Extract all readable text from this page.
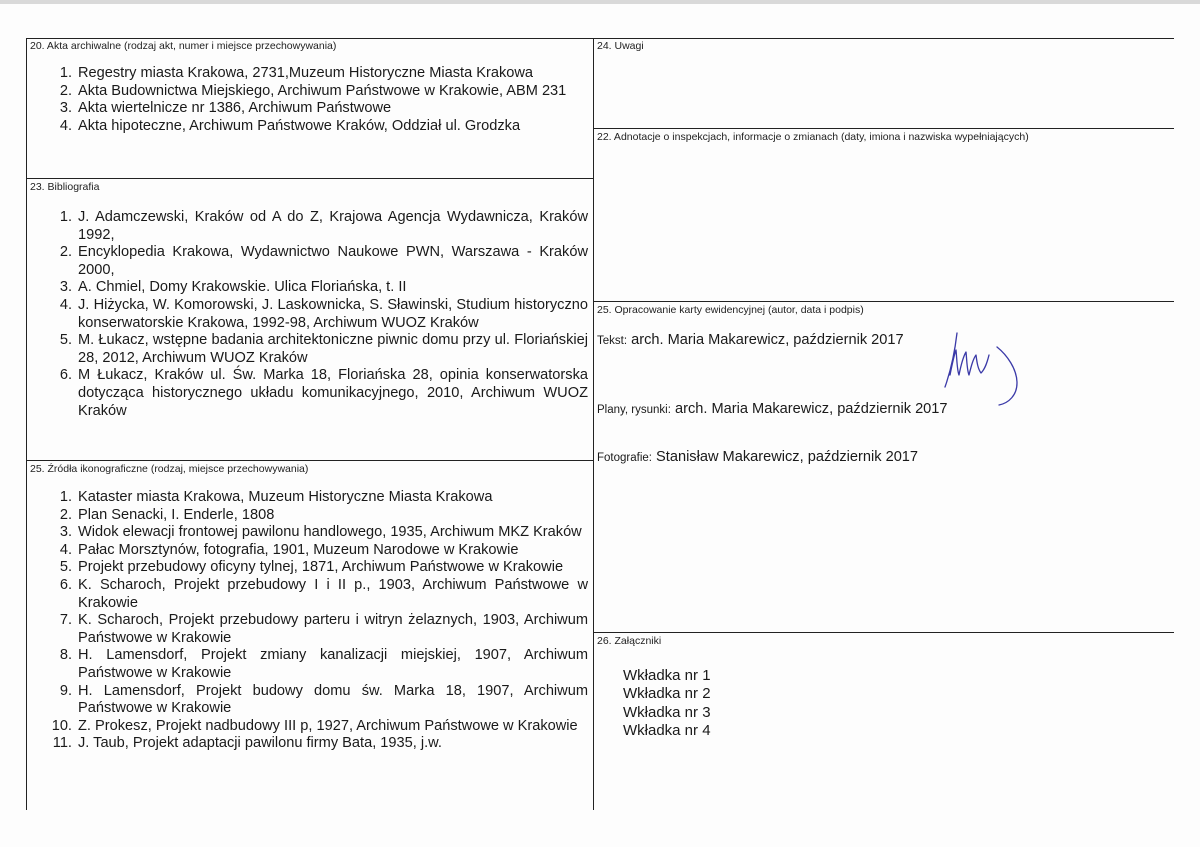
20. Akta archiwalne (rodzaj akt, numer i miejsce przechowywania)
1. Regestry miasta Krakowa, 2731,Muzeum Historyczne Miasta Krakowa
2. Akta Budownictwa Miejskiego, Archiwum Państwowe w Krakowie, ABM 231
3. Akta wiertelnicze nr 1386, Archiwum Państwowe
4. Akta hipoteczne, Archiwum Państwowe Kraków, Oddział ul. Grodzka
23. Bibliografia
1. J. Adamczewski, Kraków od A do Z, Krajowa Agencja Wydawnicza, Kraków 1992,
2. Encyklopedia Krakowa, Wydawnictwo Naukowe PWN, Warszawa - Kraków 2000,
3. A. Chmiel, Domy Krakowskie. Ulica Floriańska, t. II
4. J. Hiżycka, W. Komorowski, J. Laskownicka, S. Sławinski, Studium historyczno konserwatorskie Krakowa, 1992-98, Archiwum WUOZ Kraków
5. M. Łukacz, wstępne badania architektoniczne piwnic domu przy ul. Floriańskiej 28, 2012, Archiwum WUOZ Kraków
6. M Łukacz, Kraków ul. Św. Marka 18, Floriańska 28, opinia konserwatorska dotycząca historycznego układu komunikacyjnego, 2010, Archiwum WUOZ Kraków
25. Źródła ikonograficzne (rodzaj, miejsce przechowywania)
1. Kataster miasta Krakowa, Muzeum Historyczne Miasta Krakowa
2. Plan Senacki, I. Enderle, 1808
3. Widok elewacji frontowej pawilonu handlowego, 1935, Archiwum MKZ Kraków
4. Pałac Morsztynów, fotografia, 1901, Muzeum Narodowe w Krakowie
5. Projekt przebudowy oficyny tylnej, 1871, Archiwum Państwowe w Krakowie
6. K. Scharoch, Projekt przebudowy I i II p., 1903, Archiwum Państwowe w Krakowie
7. K. Scharoch, Projekt przebudowy parteru i witryn żelaznych, 1903, Archiwum Państwowe w Krakowie
8. H. Lamensdorf, Projekt zmiany kanalizacji miejskiej, 1907, Archiwum Państwowe w Krakowie
9. H. Lamensdorf, Projekt budowy domu św. Marka 18, 1907, Archiwum Państwowe w Krakowie
10. Z. Prokesz, Projekt nadbudowy III p, 1927, Archiwum Państwowe w Krakowie
11. J. Taub, Projekt adaptacji pawilonu firmy Bata, 1935, j.w.
24. Uwagi
22. Adnotacje o inspekcjach, informacje o zmianach (daty, imiona i nazwiska wypełniających)
25. Opracowanie karty ewidencyjnej (autor, data i podpis)
Tekst: arch. Maria Makarewicz, październik 2017
Plany, rysunki: arch. Maria Makarewicz, październik 2017
Fotografie: Stanisław Makarewicz, październik 2017
26. Załączniki
Wkładka nr 1
Wkładka nr 2
Wkładka nr 3
Wkładka nr 4
